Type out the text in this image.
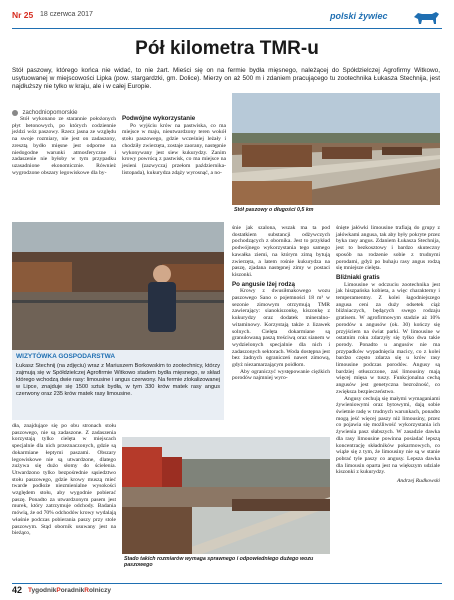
Nr 25 18 czerwca 2017	polski żywiec
Pół kilometra TMR-u
Stół paszowy, którego końca nie widać, to nie żart. Mieści się on na fermie bydła mięsnego, należącej do Spółdzielczej Agrofirmy Witkowo, usytuowanej w miejscowości Lipka (pow. stargardzki, gm. Dolice). Mierzy on aż 500 m i zdaniem pracującego tu zootechnika Łukasza Stechnija, jest najdłuższy nie tylko w kraju, ale i w całej Europie.
zachodniopomorskie

Stół wykonano ze starannie położonych płyt betonowych, po których codziennie jeździ wóz paszowy. Rzecz jasna ze względu na swoje rozmiary, nie jest on zadaszony, zresztą bydło mięsne jest odporne na niedogodne warunki atmosferyczne i zadaszenie nie byłoby w tym przypadku uzasadnione ekonomicznie. Również wygrodzone obszary legowiskowe dla by-

Podwójne wykorzystanie

Po wyjściu krów na pastwiska, co ma miejsce w maju, nieutwardzony teren wokół stołu paszowego, gdzie wcześniej leżały i chodziły zwierzęta, zostaje zaorany, następnie wykonywany jest siew kukurydzy. Zanim krowy powrócą z pastwisk, co ma miejsce na jesieni (zazwyczaj przełom października-listopada), kukurydza zdąży wyrosnąć, a no-

Stół paszowy o długości 0,5 km
WIZYTÓWKA GOSPODARSTWA
Łukasz Stechnij (na zdjęciu) wraz z Mariuszem Borkowskim to zootechnicy, którzy zajmują się w Spółdzielczej Agrofirmie Witkowo stadem bydła mięsnego, w skład którego wchodzą dwie rasy: limousine i angus czerwony. Na fermie zlokalizowanej w Lipce, znajduje się 1500 sztuk bydła, w tym 330 krów matek rasy angus czerwony oraz 235 krów matek rasy limousine.

dła, znajdujące się po obu stronach stołu paszowego, nie są zadaszone. Z zadaszenia korzystają tylko cielęta w miejscach specjalnie dla nich przeznaczonych, gdzie są dokarmiane łeptymi paszami. Obszary legowiskowe nie są utwardzone, dlatego zużywa się dużo słomy do ścielenia. Utwardzono tylko bezpośrednie sąsiedztwo stołu paszowego, gdzie krowy muszą mieć twarde podłoże niezmienialne wysokości względem stołu, aby wygodnie pobierać paszę. Ponadto za utwardzonym pasem jest murek, który zatrzymuje odchody. Badania mówią, że od 70% odchodów krowy wydalają właśnie podczas pobierania paszy przy stole paszowym. Stąd obornik usuwany jest na bieżąco,

śnie jak szalona, wszak ma ta pod dostatkiem substancji odżywczych pochodzących z obornika. Jest to przykład podwójnego wykorzystania tego samego kawałka ziemi, na którym zimą bytują zwierzęta, a latem rośnie kukurydza na paszę, zjadana następnej zimy w postaci kiszonki.

Po angusie lżej rodzą

Krowy z dwusiłmakowego wozu paszowego Sano o pojemności 18 m³ w sezonie zimowym otrzymują TMR zawierający: sianokiszonkę, kiszonkę z kukurydzy oraz dodatek mineralno-witaminowy. Korzystają także z lizawek solnych. Cielęta dokarmiane są granulowaną paszą treściwą oraz sianem w wydzielonych specjalnie dla nich i zadaszonych sektorach. Woda dostępna jest bez żadnych ograniczeń nawet zimową, gdyż niezamarzającym poidłom.

Aby ograniczyć występowanie ciężkich porodów najmniej wyro-

śnięte jałówki limousine trafiają do grupy z jałówkami angusa, tak aby były pokryte przez byka rasy angus. Zdaniem Łukasza Stechnija, jest to bezkosztowy i bardzo skuteczny sposób na rodzenie sobie z trudnymi porodami, gdyż po buhaju rasy angus rodzą się mniejsze cielęta.

Bliźniaki gratis

Limousine w odczuciu zootechnika jest jak hiszpańska kobieta, a więc charakterny i temperamentny. Z kolei łagodniejszego angusa ceni za duży odsetek ciąż bliźniaczych, będących swego rodzaju gratisem. W agrofirmowym stadzie aż 10% porodów u angusów (ok. 30) kończy się przyjściem na świat parki. W limousine w ostatnim roku zdarzyły się tylko dwa takie porody. Ponadto u angusów nie ma przypadków wypadnięcia macicy, co z kolei bardzo często zdarza się u krów rasy limousine podczas porodów. Angusy są bardziej otłuszczone, zaś limousiny mają więcej mięsa w tuszy. Funkcjonalna cechą angusów jest genetyczna bezrożność, co zwiększa bezpieczeństwo.

Angusy cechują się małymi wymaganiami żywieniowymi oraz bytowymi, dają sobie świetnie radę w trudnych warunkach, ponadto mogą jeść więcej paszy niż limousiny, przez co pojawia się możliwość wykorzystania ich żywienia pasz słabszych. W zasadzie dawka dla rasy limousine powinna posiadać lepszą koncentrację składników pokarmowych, co wiąże się z tym, że limousiny nie są w stanie pobrać tyle paszy co angusy. Lepsza dawka dla limousin oparta jest na większym udziale kiszonki z kukurydzy.

Andrzej Rudkowski

Stado takich rozmiarów wymaga sprawnego i odpowiedniego dużego wozu paszowego
42 TygodnikPoradnikRolniczy
